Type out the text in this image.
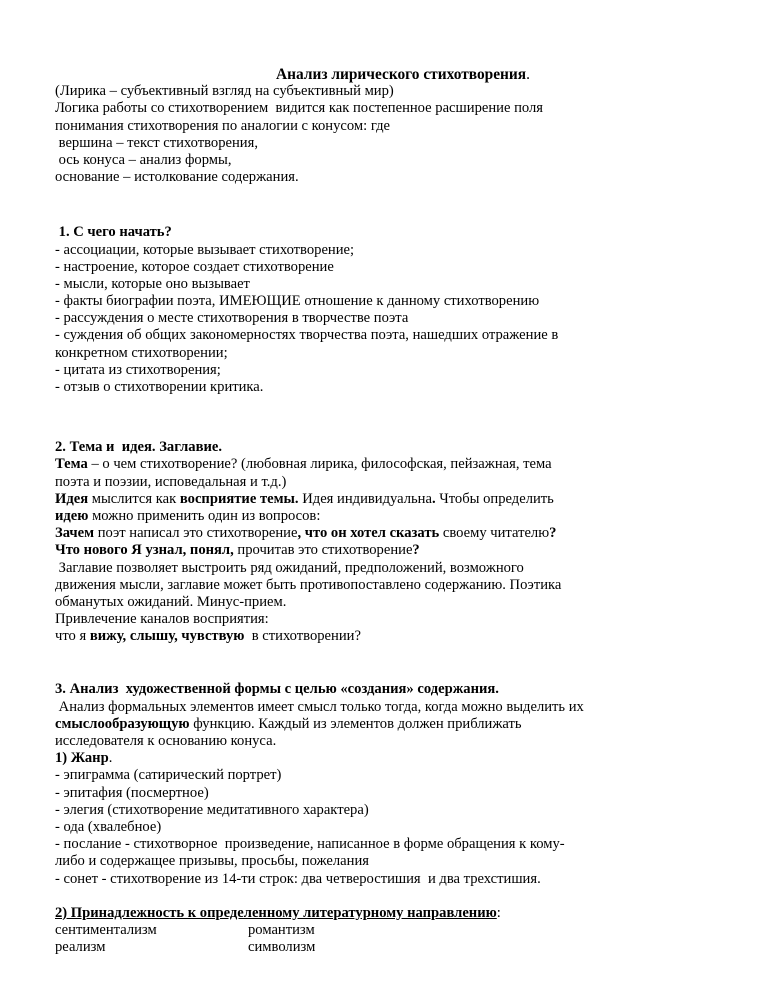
Анализ лирического стихотворения.
(Лирика – субъективный взгляд на субъективный мир)
Логика работы со стихотворением  видится как постепенное расширение поля
понимания стихотворения по аналогии с конусом: где
вершина – текст стихотворения,
ось конуса – анализ формы,
основание – истолкование содержания.
1. С чего начать?
- ассоциации, которые вызывает стихотворение;
- настроение, которое создает стихотворение
- мысли, которые оно вызывает
- факты биографии поэта, ИМЕЮЩИЕ отношение к данному стихотворению
- рассуждения о месте стихотворения в творчестве поэта
- суждения об общих закономерностях творчества поэта, нашедших отражение в
конкретном стихотворении;
- цитата из стихотворения;
- отзыв о стихотворении критика.
2. Тема и  идея. Заглавие.
Тема – о чем стихотворение? (любовная лирика, философская, пейзажная, тема
поэта и поэзии, исповедальная и т.д.)
Идея мыслится как восприятие темы. Идея индивидуальна. Чтобы определить
идею можно применить один из вопросов:
Зачем поэт написал это стихотворение, что он хотел сказать своему читателю?
Что нового Я узнал, понял, прочитав это стихотворение?
Заглавие позволяет выстроить ряд ожиданий, предположений, возможного
движения мысли, заглавие может быть противопоставлено содержанию. Поэтика
обманутых ожиданий. Минус-прием.
Привлечение каналов восприятия:
что я вижу, слышу, чувствую  в стихотворении?
3. Анализ  художественной формы с целью «создания» содержания.
Анализ формальных элементов имеет смысл только тогда, когда можно выделить их
смыслообразующую функцию. Каждый из элементов должен приближать
исследователя к основанию конуса.
1) Жанр.
- эпиграмма (сатирический портрет)
- эпитафия (посмертное)
- элегия (стихотворение медитативного характера)
- ода (хвалебное)
- послание - стихотворное  произведение, написанное в форме обращения к кому-
либо и содержащее призывы, просьбы, пожелания
- сонет - стихотворение из 14-ти строк: два четверостишия  и два трехстишия.
2) Принадлежность к определенному литературному направлению:
сентиментализм	романтизм
реализм	символизм
